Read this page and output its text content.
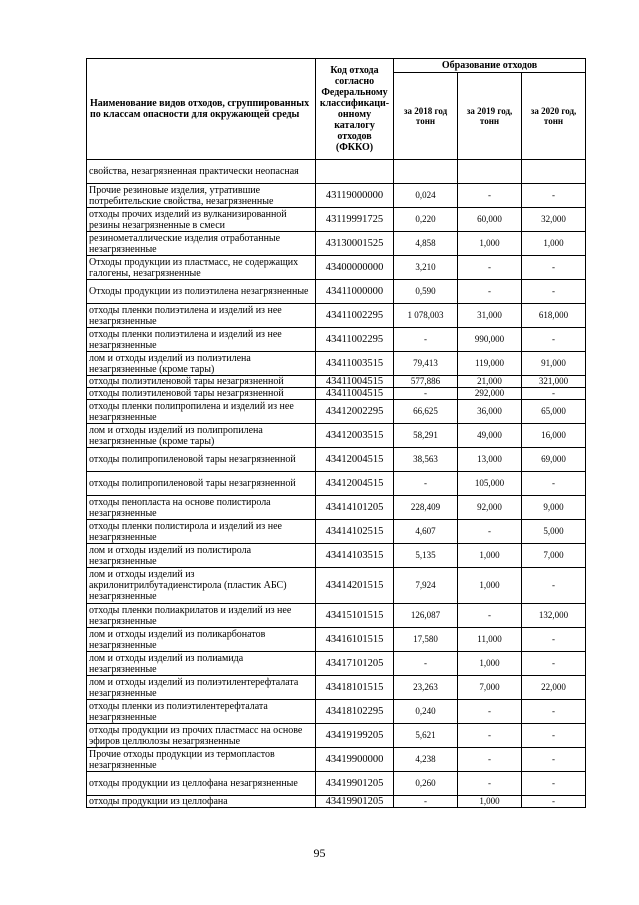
Наименование видов отходов, сгруппированных по классам опасности для окружающей среды	Код отхода согласно Федеральному классификаци-онному каталогу отходов (ФККО)	Образование отходов		
		за 2018 год тонн	за 2019 год, тонн	за 2020 год, тонн
свойства, незагрязненная практически неопасная				
Прочие резиновые изделия, утратившие потребительские свойства, незагрязненные	43119000000	0,024	-	-
отходы прочих изделий из вулканизированной резины незагрязненные в смеси	43119991725	0,220	60,000	32,000
резинометаллические изделия отработанные незагрязненные	43130001525	4,858	1,000	1,000
Отходы продукции из пластмасс, не содержащих галогены, незагрязненные	43400000000	3,210	-	-
Отходы продукции из полиэтилена незагрязненные	43411000000	0,590	-	-
отходы пленки полиэтилена и изделий из нее незагрязненные	43411002295	1 078,003	31,000	618,000
отходы пленки полиэтилена и изделий из нее незагрязненные	43411002295	-	990,000	-
лом и отходы изделий из полиэтилена незагрязненные (кроме тары)	43411003515	79,413	119,000	91,000
отходы полиэтиленовой тары незагрязненной	43411004515	577,886	21,000	321,000
отходы полиэтиленовой тары незагрязненной	43411004515	-	292,000	-
отходы пленки полипропилена и изделий из нее незагрязненные	43412002295	66,625	36,000	65,000
лом и отходы изделий из полипропилена незагрязненные (кроме тары)	43412003515	58,291	49,000	16,000
отходы полипропиленовой тары незагрязненной	43412004515	38,563	13,000	69,000
отходы полипропиленовой тары незагрязненной	43412004515	-	105,000	-
отходы пенопласта на основе полистирола незагрязненные	43414101205	228,409	92,000	9,000
отходы пленки полистирола и изделий из нее незагрязненные	43414102515	4,607	-	5,000
лом и отходы изделий из полистирола незагрязненные	43414103515	5,135	1,000	7,000
лом и отходы изделий из акрилонитрилбутадиенстирола (пластик АБС) незагрязненные	43414201515	7,924	1,000	-
отходы пленки полиакрилатов и изделий из нее незагрязненные	43415101515	126,087	-	132,000
лом и отходы изделий из поликарбонатов незагрязненные	43416101515	17,580	11,000	-
лом и отходы изделий из полиамида незагрязненные	43417101205	-	1,000	-
лом и отходы изделий из полиэтилентерефталата незагрязненные	43418101515	23,263	7,000	22,000
отходы пленки из полиэтилентерефталата незагрязненные	43418102295	0,240	-	-
отходы продукции из прочих пластмасс на основе эфиров целлюлозы незагрязненные	43419199205	5,621	-	-
Прочие отходы продукции из термопластов незагрязненные	43419900000	4,238	-	-
отходы продукции из целлофана незагрязненные	43419901205	0,260	-	-
отходы продукции из целлофана	43419901205	-	1,000	-
95
